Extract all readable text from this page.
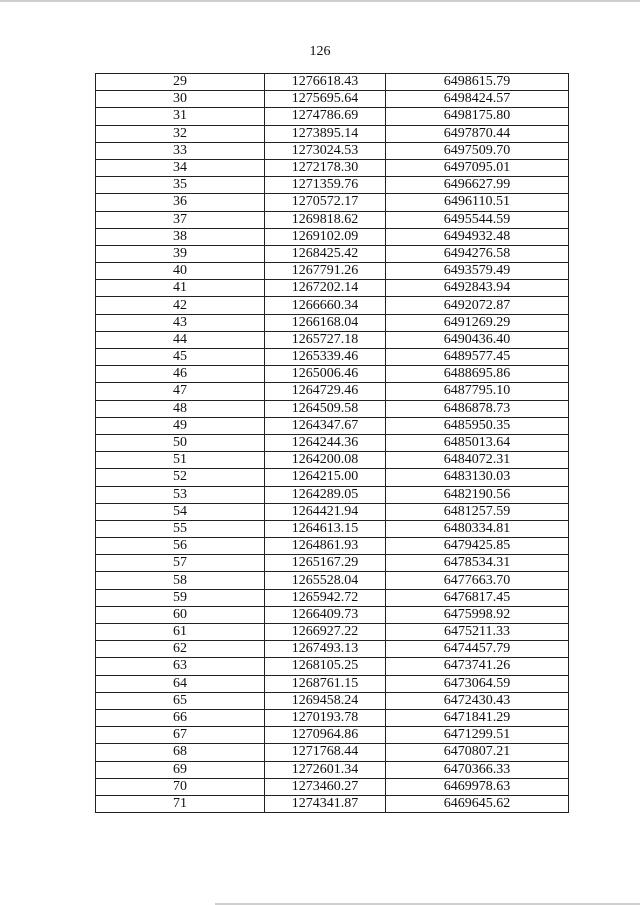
126
29	1276618.43	6498615.79
30	1275695.64	6498424.57
31	1274786.69	6498175.80
32	1273895.14	6497870.44
33	1273024.53	6497509.70
34	1272178.30	6497095.01
35	1271359.76	6496627.99
36	1270572.17	6496110.51
37	1269818.62	6495544.59
38	1269102.09	6494932.48
39	1268425.42	6494276.58
40	1267791.26	6493579.49
41	1267202.14	6492843.94
42	1266660.34	6492072.87
43	1266168.04	6491269.29
44	1265727.18	6490436.40
45	1265339.46	6489577.45
46	1265006.46	6488695.86
47	1264729.46	6487795.10
48	1264509.58	6486878.73
49	1264347.67	6485950.35
50	1264244.36	6485013.64
51	1264200.08	6484072.31
52	1264215.00	6483130.03
53	1264289.05	6482190.56
54	1264421.94	6481257.59
55	1264613.15	6480334.81
56	1264861.93	6479425.85
57	1265167.29	6478534.31
58	1265528.04	6477663.70
59	1265942.72	6476817.45
60	1266409.73	6475998.92
61	1266927.22	6475211.33
62	1267493.13	6474457.79
63	1268105.25	6473741.26
64	1268761.15	6473064.59
65	1269458.24	6472430.43
66	1270193.78	6471841.29
67	1270964.86	6471299.51
68	1271768.44	6470807.21
69	1272601.34	6470366.33
70	1273460.27	6469978.63
71	1274341.87	6469645.62
